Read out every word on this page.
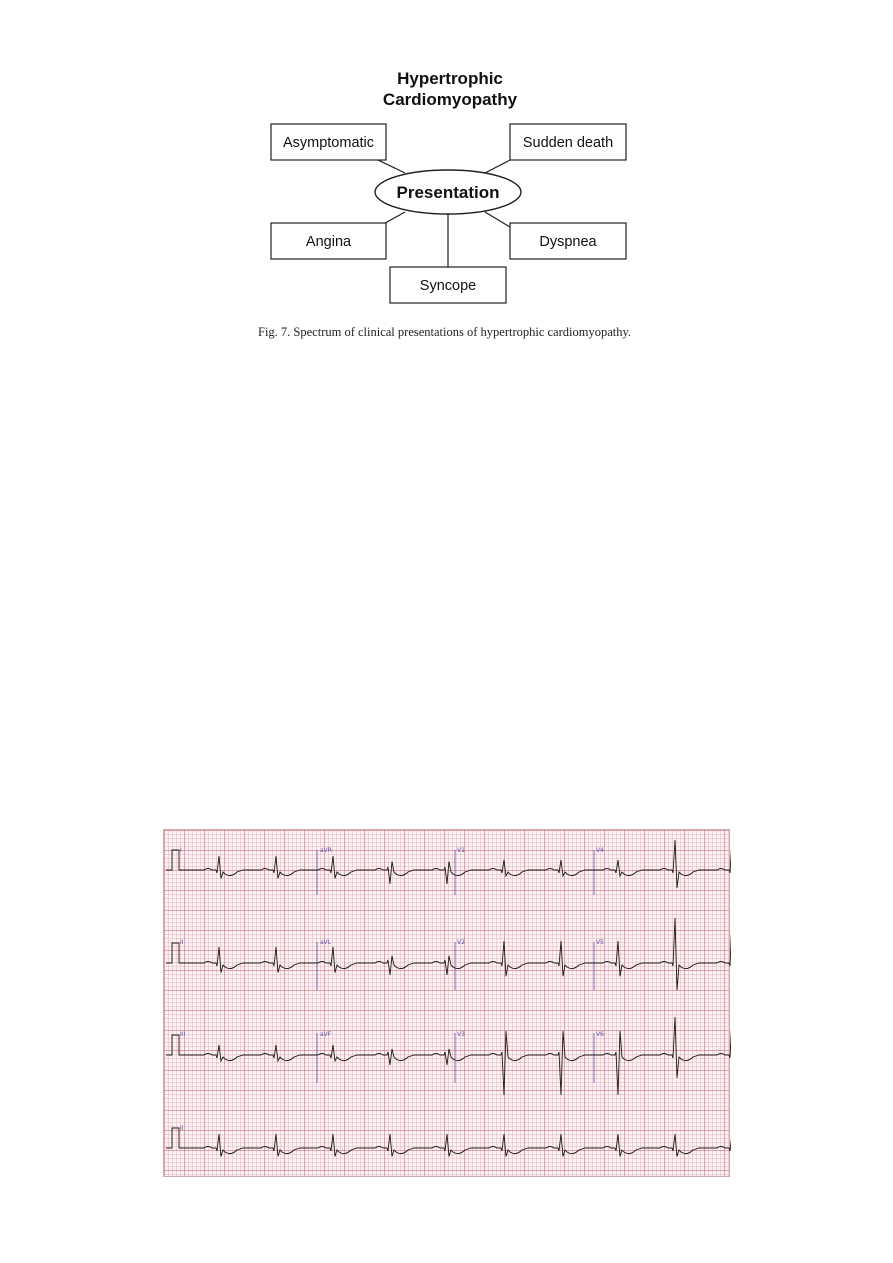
Hypertrophic
Cardiomyopathy
Asymptomatic	Sudden death
Angina	Dyspnea
Syncope
Presentation
Fig. 7. Spectrum of clinical presentations of hypertrophic cardiomyopathy.
I	aVR	V1	V4
II	aVL	V2	V5
III	aVF	V3	V6
II
